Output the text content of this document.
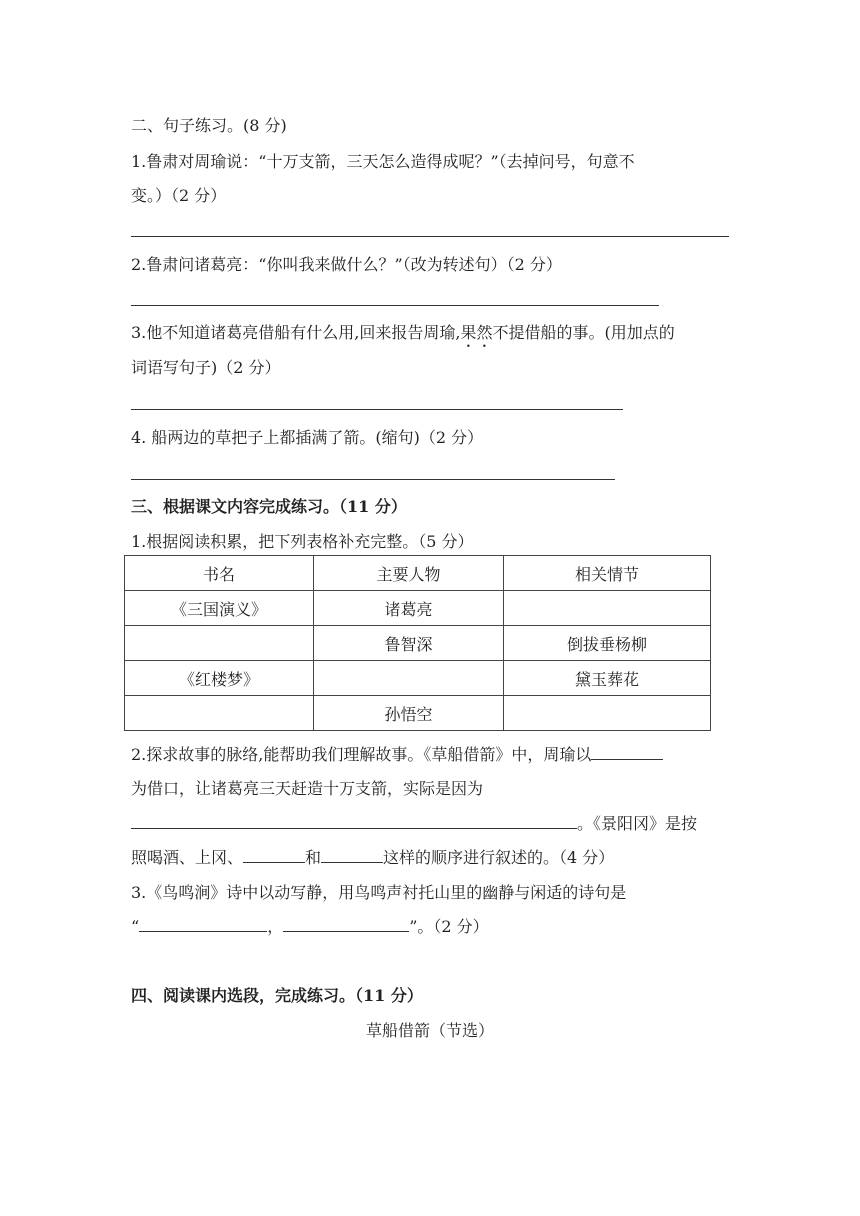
二、句子练习。(8 分)
1.鲁肃对周瑜说：“十万支箭，三天怎么造得成呢？”（去掉问号，句意不
变。）（2 分）
2.鲁肃问诸葛亮：“你叫我来做什么？”（改为转述句）（2 分）
3.他不知道诸葛亮借船有什么用,回来报告周瑜,果然不提借船的事。(用加点的
词语写句子)（2 分）
4. 船两边的草把子上都插满了箭。(缩句)（2 分）
三、根据课文内容完成练习。（11 分）
1.根据阅读积累，把下列表格补充完整。（5 分）
书名	主要人物	相关情节
《三国演义》	诸葛亮	
	鲁智深	倒拔垂杨柳
《红楼梦》		黛玉葬花
	孙悟空	
2.探求故事的脉络,能帮助我们理解故事。《草船借箭》中，周瑜以
为借口，让诸葛亮三天赶造十万支箭，实际是因为
。《景阳冈》是按
照喝酒、上冈、	和	这样的顺序进行叙述的。（4 分）
3.《鸟鸣涧》诗中以动写静，用鸟鸣声衬托山里的幽静与闲适的诗句是
“	，	”。（2 分）
四、阅读课内选段，完成练习。（11 分）
草船借箭（节选）
